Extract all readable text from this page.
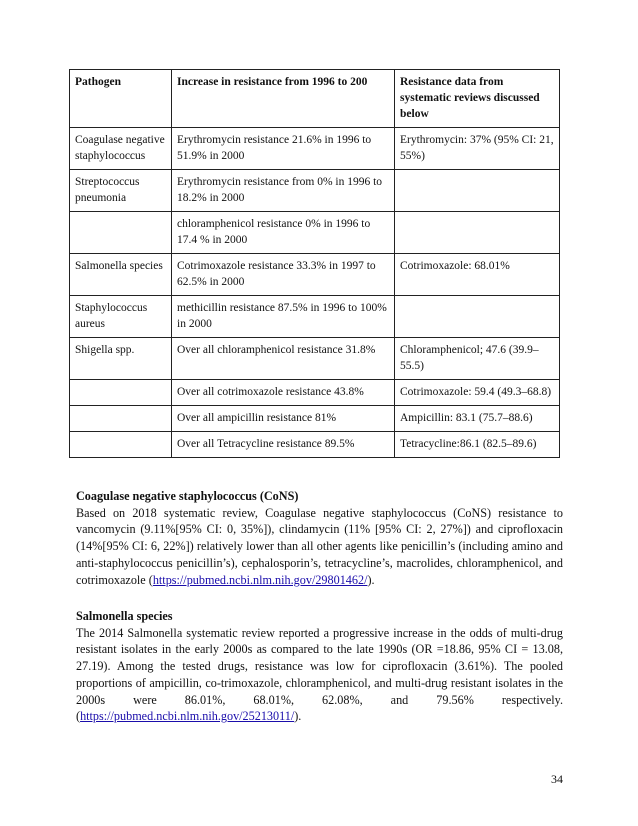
Pathogen	Increase in resistance from 1996 to 200	Resistance data from systematic reviews discussed below
Coagulase negative staphylococcus	Erythromycin resistance 21.6% in 1996 to 51.9% in 2000	Erythromycin: 37% (95% CI: 21, 55%)
Streptococcus pneumonia	Erythromycin resistance from 0% in 1996 to 18.2% in 2000	
	chloramphenicol resistance 0% in 1996 to 17.4 % in 2000	
Salmonella species	Cotrimoxazole resistance 33.3% in 1997 to 62.5% in 2000	Cotrimoxazole: 68.01%
Staphylococcus aureus	methicillin resistance 87.5% in 1996 to 100% in 2000	
Shigella spp.	Over all chloramphenicol resistance 31.8%	Chloramphenicol; 47.6 (39.9–55.5)
	Over all cotrimoxazole resistance 43.8%	Cotrimoxazole: 59.4 (49.3–68.8)
	Over all ampicillin resistance 81%	Ampicillin: 83.1 (75.7–88.6)
	Over all Tetracycline resistance 89.5%	Tetracycline:86.1 (82.5–89.6)
Coagulase negative staphylococcus (CoNS)

Based on 2018 systematic review, Coagulase negative staphylococcus (CoNS) resistance to vancomycin (9.11%[95% CI: 0, 35%]), clindamycin (11% [95% CI: 2, 27%]) and ciprofloxacin (14%[95% CI: 6, 22%]) relatively lower than all other agents like penicillin’s (including amino and anti-staphylococcus penicillin’s), cephalosporin’s, tetracycline’s, macrolides, chloramphenicol, and cotrimoxazole (https://pubmed.ncbi.nlm.nih.gov/29801462/).

Salmonella species

The 2014 Salmonella systematic review reported a progressive increase in the odds of multi-drug resistant isolates in the early 2000s as compared to the late 1990s (OR =18.86, 95% CI = 13.08, 27.19). Among the tested drugs, resistance was low for ciprofloxacin (3.61%). The pooled proportions of ampicillin, co-trimoxazole, chloramphenicol, and multi-drug resistant isolates in the 2000s were 86.01%, 68.01%, 62.08%, and 79.56% respectively. (https://pubmed.ncbi.nlm.nih.gov/25213011/).

34
